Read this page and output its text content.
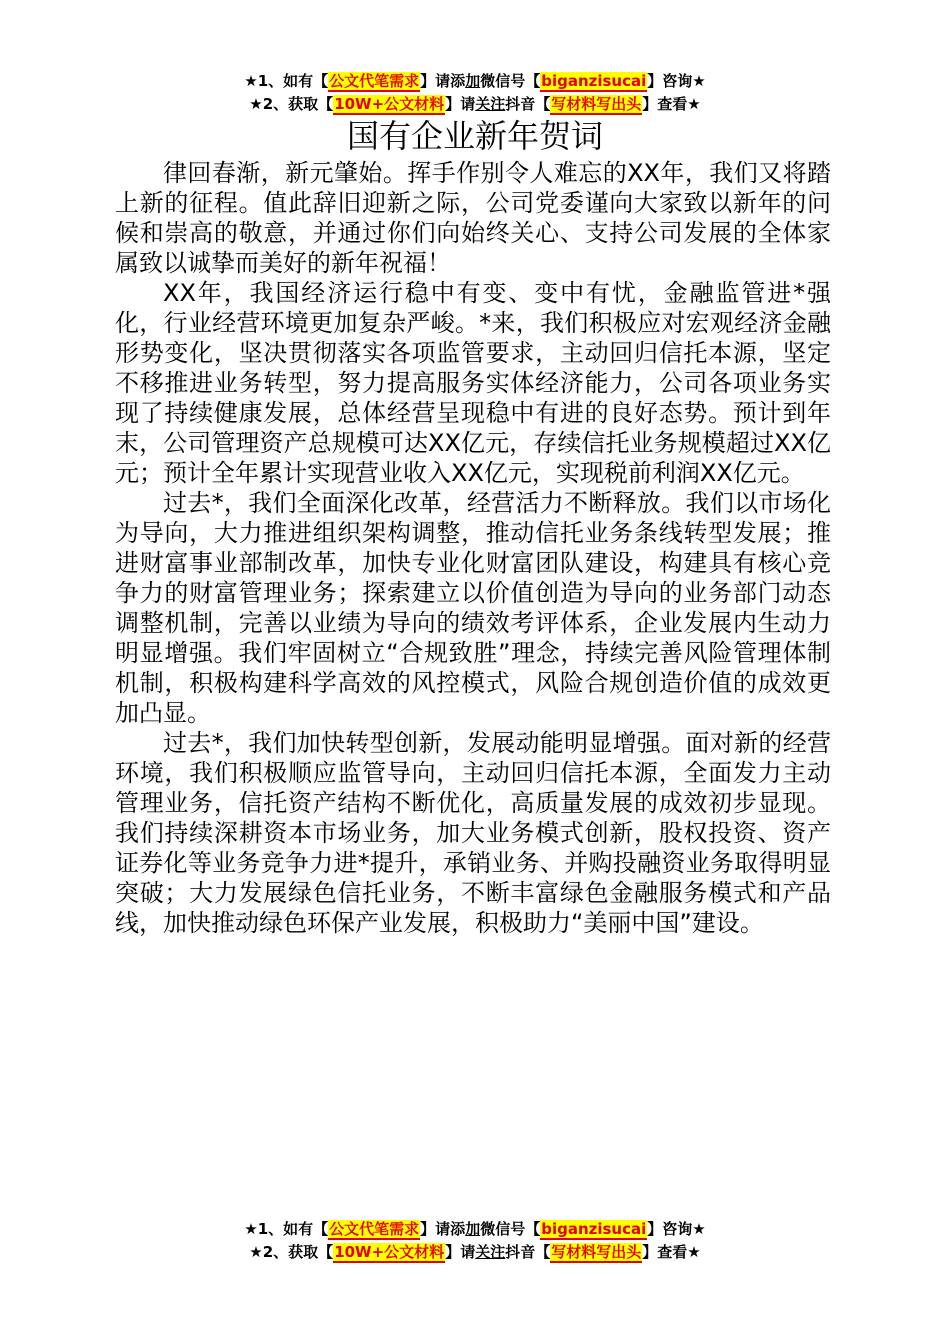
★1、如有【公文代笔需求】请添加微信号【biganzisucai】咨询★
★2、获取【10W+公文材料】请关注抖音【写材料写出头】查看★
国有企业新年贺词

律回春渐，新元肇始。挥手作别令人难忘的XX年，我们又将踏上新的征程。值此辞旧迎新之际，公司党委谨向大家致以新年的问候和崇高的敬意，并通过你们向始终关心、支持公司发展的全体家属致以诚挚而美好的新年祝福！

XX年，我国经济运行稳中有变、变中有忧，金融监管进*强化，行业经营环境更加复杂严峻。*来，我们积极应对宏观经济金融形势变化，坚决贯彻落实各项监管要求，主动回归信托本源，坚定不移推进业务转型，努力提高服务实体经济能力，公司各项业务实现了持续健康发展，总体经营呈现稳中有进的良好态势。预计到年末，公司管理资产总规模可达XX亿元，存续信托业务规模超过XX亿元；预计全年累计实现营业收入XX亿元，实现税前利润XX亿元。

过去*，我们全面深化改革，经营活力不断释放。我们以市场化为导向，大力推进组织架构调整，推动信托业务条线转型发展；推进财富事业部制改革，加快专业化财富团队建设，构建具有核心竞争力的财富管理业务；探索建立以价值创造为导向的业务部门动态调整机制，完善以业绩为导向的绩效考评体系，企业发展内生动力明显增强。我们牢固树立“合规致胜”理念，持续完善风险管理体制机制，积极构建科学高效的风控模式，风险合规创造价值的成效更加凸显。

过去*，我们加快转型创新，发展动能明显增强。面对新的经营环境，我们积极顺应监管导向，主动回归信托本源，全面发力主动管理业务，信托资产结构不断优化，高质量发展的成效初步显现。我们持续深耕资本市场业务，加大业务模式创新，股权投资、资产证券化等业务竞争力进*提升，承销业务、并购投融资业务取得明显突破；大力发展绿色信托业务，不断丰富绿色金融服务模式和产品线，加快推动绿色环保产业发展，积极助力“美丽中国”建设。

★1、如有【公文代笔需求】请添加微信号【biganzisucai】咨询★
★2、获取【10W+公文材料】请关注抖音【写材料写出头】查看★
